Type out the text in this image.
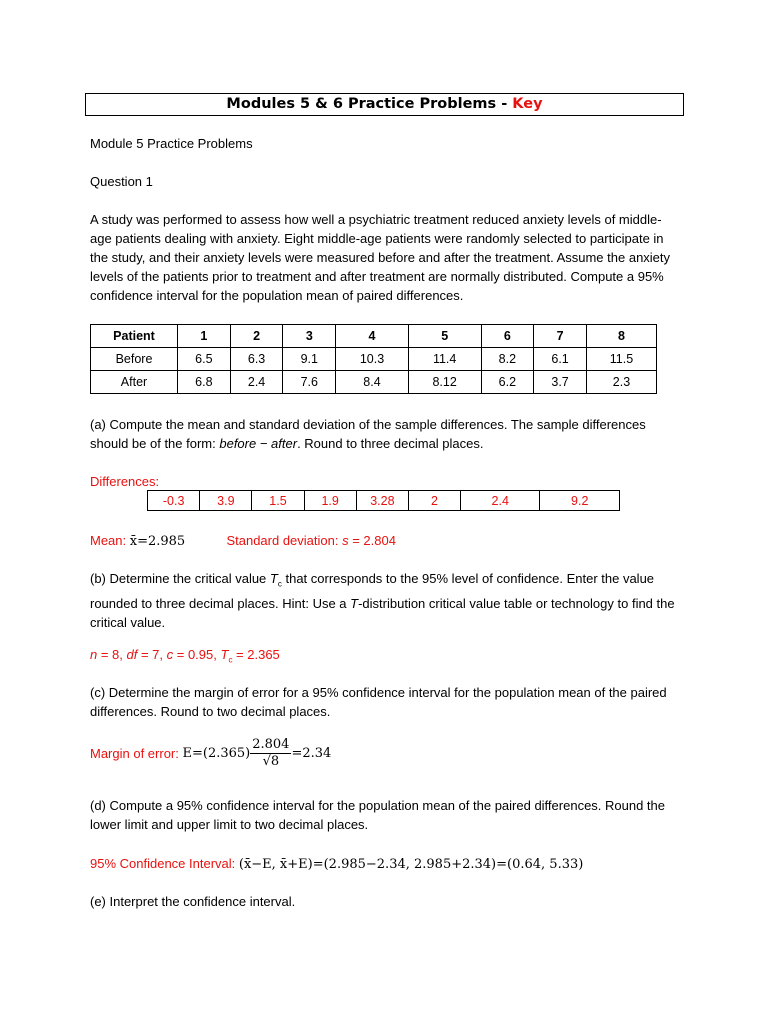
Modules 5 & 6 Practice Problems - Key
Module 5 Practice Problems
Question 1
A study was performed to assess how well a psychiatric treatment reduced anxiety levels of middle-age patients dealing with anxiety. Eight middle-age patients were randomly selected to participate in the study, and their anxiety levels were measured before and after the treatment. Assume the anxiety levels of the patients prior to treatment and after treatment are normally distributed. Compute a 95% confidence interval for the population mean of paired differences.
Patient	1	2	3	4	5	6	7	8
Before	6.5	6.3	9.1	10.3	11.4	8.2	6.1	11.5
After	6.8	2.4	7.6	8.4	8.12	6.2	3.7	2.3
(a) Compute the mean and standard deviation of the sample differences. The sample differences should be of the form: before − after. Round to three decimal places.
Differences:
-0.3	3.9	1.5	1.9	3.28	2	2.4	9.2
Mean: x̄=2.985	Standard deviation: s = 2.804
(b) Determine the critical value $T_c$ that corresponds to the 95% level of confidence. Enter the value rounded to three decimal places. Hint: Use a T-distribution critical value table or technology to find the critical value.
n = 8, df = 7, c = 0.95, $T_c = 2.365$
(c) Determine the margin of error for a 95% confidence interval for the population mean of the paired differences. Round to two decimal places.
Margin of error: $E=(2.365) \frac{2.804}{√8} =2.34$
(d) Compute a 95% confidence interval for the population mean of the paired differences. Round the lower limit and upper limit to two decimal places.
95% Confidence Interval: (x̄−E, x̄+E)=(2.985−2.34, 2.985+2.34)=(0.64, 5.33)
(e) Interpret the confidence interval.
